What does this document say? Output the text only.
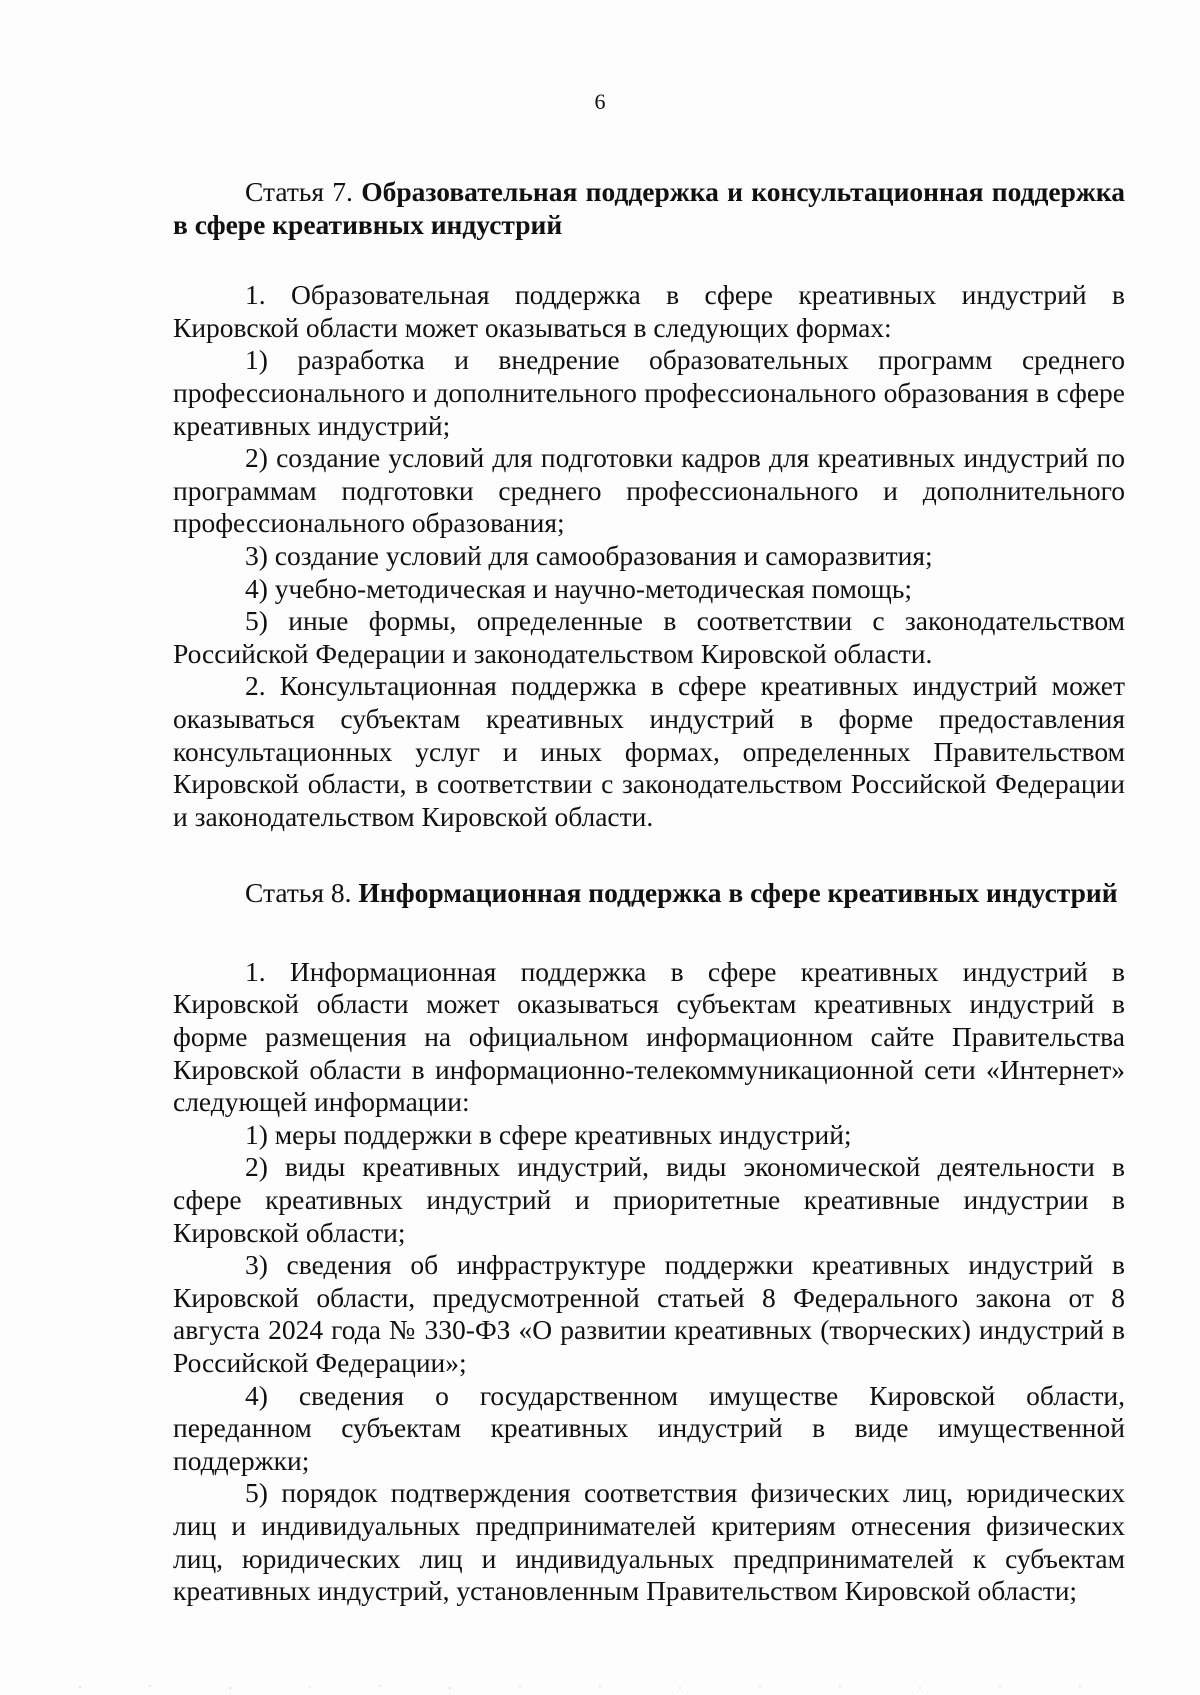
6

Статья 7. Образовательная поддержка и консультационная поддержка в сфере креативных индустрий

1. Образовательная поддержка в сфере креативных индустрий в Кировской области может оказываться в следующих формах:

1) разработка и внедрение образовательных программ среднего профессионального и дополнительного профессионального образования в сфере креативных индустрий;

2) создание условий для подготовки кадров для креативных индустрий по программам подготовки среднего профессионального и дополнительного профессионального образования;

3) создание условий для самообразования и саморазвития;

4) учебно-методическая и научно-методическая помощь;

5) иные формы, определенные в соответствии с законодательством Российской Федерации и законодательством Кировской области.

2. Консультационная поддержка в сфере креативных индустрий может оказываться субъектам креативных индустрий в форме предоставления консультационных услуг и иных формах, определенных Правительством Кировской области, в соответствии с законодательством Российской Федерации и законодательством Кировской области.

Статья 8. Информационная поддержка в сфере креативных индустрий

1. Информационная поддержка в сфере креативных индустрий в Кировской области может оказываться субъектам креативных индустрий в форме размещения на официальном информационном сайте Правительства Кировской области в информационно-телекоммуникационной сети «Интернет» следующей информации:

1) меры поддержки в сфере креативных индустрий;

2) виды креативных индустрий, виды экономической деятельности в сфере креативных индустрий и приоритетные креативные индустрии в Кировской области;

3) сведения об инфраструктуре поддержки креативных индустрий в Кировской области, предусмотренной статьей 8 Федерального закона от 8 августа 2024 года № 330-ФЗ «О развитии креативных (творческих) индустрий в Российской Федерации»;

4) сведения о государственном имуществе Кировской области, переданном субъектам креативных индустрий в виде имущественной поддержки;

5) порядок подтверждения соответствия физических лиц, юридических лиц и индивидуальных предпринимателей критериям отнесения физических лиц, юридических лиц и индивидуальных предпринимателей к субъектам креативных индустрий, установленным Правительством Кировской области;
